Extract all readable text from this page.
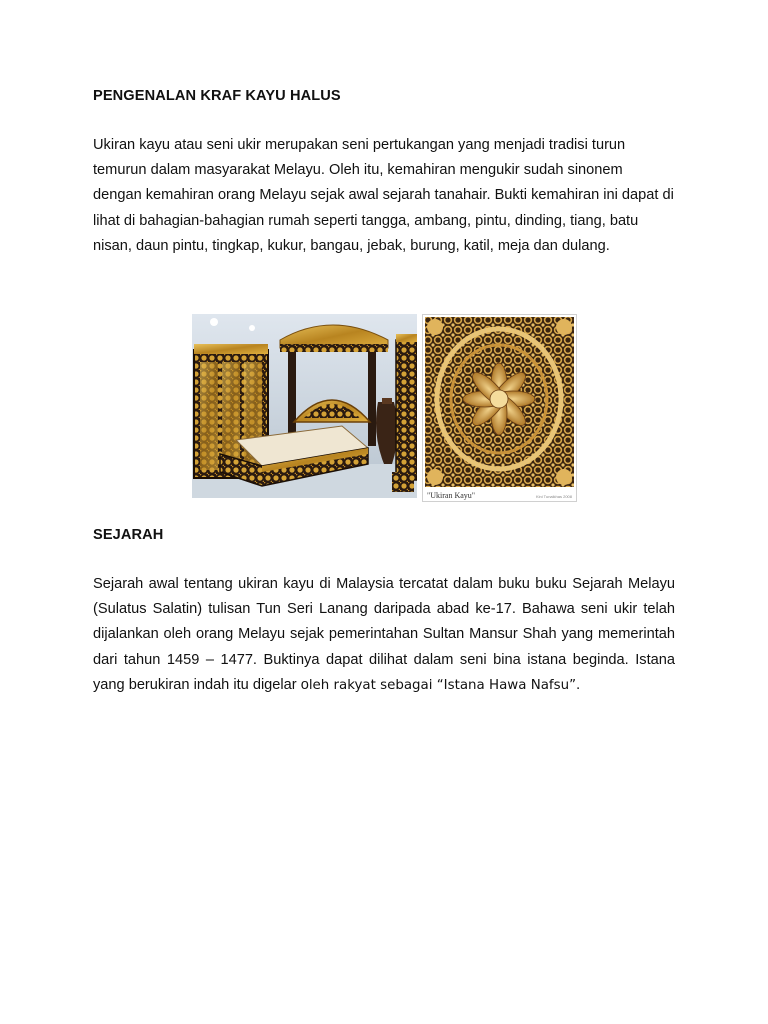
PENGENALAN KRAF KAYU HALUS
Ukiran kayu atau seni ukir merupakan seni pertukangan yang menjadi tradisi turun temurun dalam masyarakat Melayu. Oleh itu, kemahiran mengukir sudah sinonem dengan kemahiran orang Melayu sejak awal sejarah tanahair. Bukti kemahiran ini dapat di lihat di bahagian-bahagian rumah seperti tangga, ambang, pintu, dinding, tiang, batu nisan, daun pintu, tingkap, kukur, bangau, jebak, burung, katil, meja dan dulang.
SEJARAH
Sejarah awal tentang ukiran kayu di Malaysia tercatat dalam buku buku Sejarah Melayu (Sulatus Salatin) tulisan Tun Seri Lanang daripada abad ke-17. Bahawa seni ukir telah dijalankan oleh orang Melayu sejak pemerintahan Sultan Mansur Shah yang memerintah dari tahun 1459 – 1477. Buktinya dapat dilihat dalam seni bina istana beginda. Istana yang berukiran indah itu digelar oleh rakyat sebagai “Istana Hawa Nafsu”.
"Ukiran Kayu"	Kini Tunaikhas 2008
